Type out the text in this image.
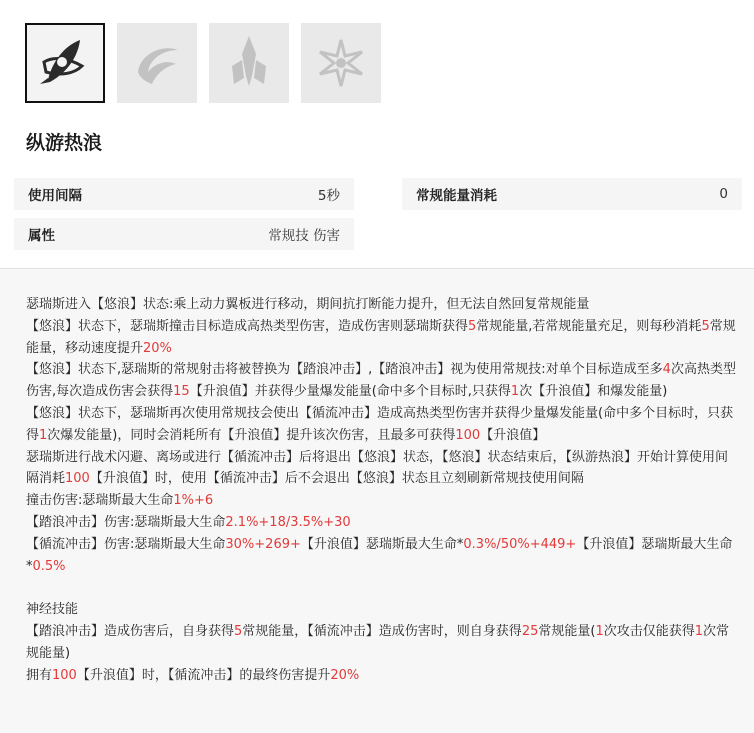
纵游热浪
使用间隔	5秒	常规能量消耗	0
属性	常规技 伤害

瑟瑞斯进入【悠浪】状态:乘上动力翼板进行移动，期间抗打断能力提升，但无法自然回复常规能量

【悠浪】状态下，瑟瑞斯撞击目标造成高热类型伤害，造成伤害则瑟瑞斯获得5常规能量,若常规能量充足，则每秒消耗5常规能量，移动速度提升20%

【悠浪】状态下,瑟瑞斯的常规射击将被替换为【踏浪冲击】,【踏浪冲击】视为使用常规技:对单个目标造成至多4次高热类型伤害,每次造成伤害会获得15【升浪值】并获得少量爆发能量(命中多个目标时,只获得1次【升浪值】和爆发能量)

【悠浪】状态下，瑟瑞斯再次使用常规技会使出【循流冲击】造成高热类型伤害并获得少量爆发能量(命中多个目标时，只获得1次爆发能量)，同时会消耗所有【升浪值】提升该次伤害，且最多可获得100【升浪值】

瑟瑞斯进行战术闪避、离场或进行【循流冲击】后将退出【悠浪】状态，【悠浪】状态结束后，【纵游热浪】开始计算使用间隔消耗100【升浪值】时，使用【循流冲击】后不会退出【悠浪】状态且立刻刷新常规技使用间隔

撞击伤害:瑟瑞斯最大生命1%+6

【踏浪冲击】伤害:瑟瑞斯最大生命2.1%+18/3.5%+30

【循流冲击】伤害:瑟瑞斯最大生命30%+269+【升浪值】瑟瑞斯最大生命*0.3%/50%+449+【升浪值】瑟瑞斯最大生命*0.5%

神经技能

【踏浪冲击】造成伤害后，自身获得5常规能量，【循流冲击】造成伤害时，则自身获得25常规能量(1次攻击仅能获得1次常规能量)

拥有100【升浪值】时，【循流冲击】的最终伤害提升20%
